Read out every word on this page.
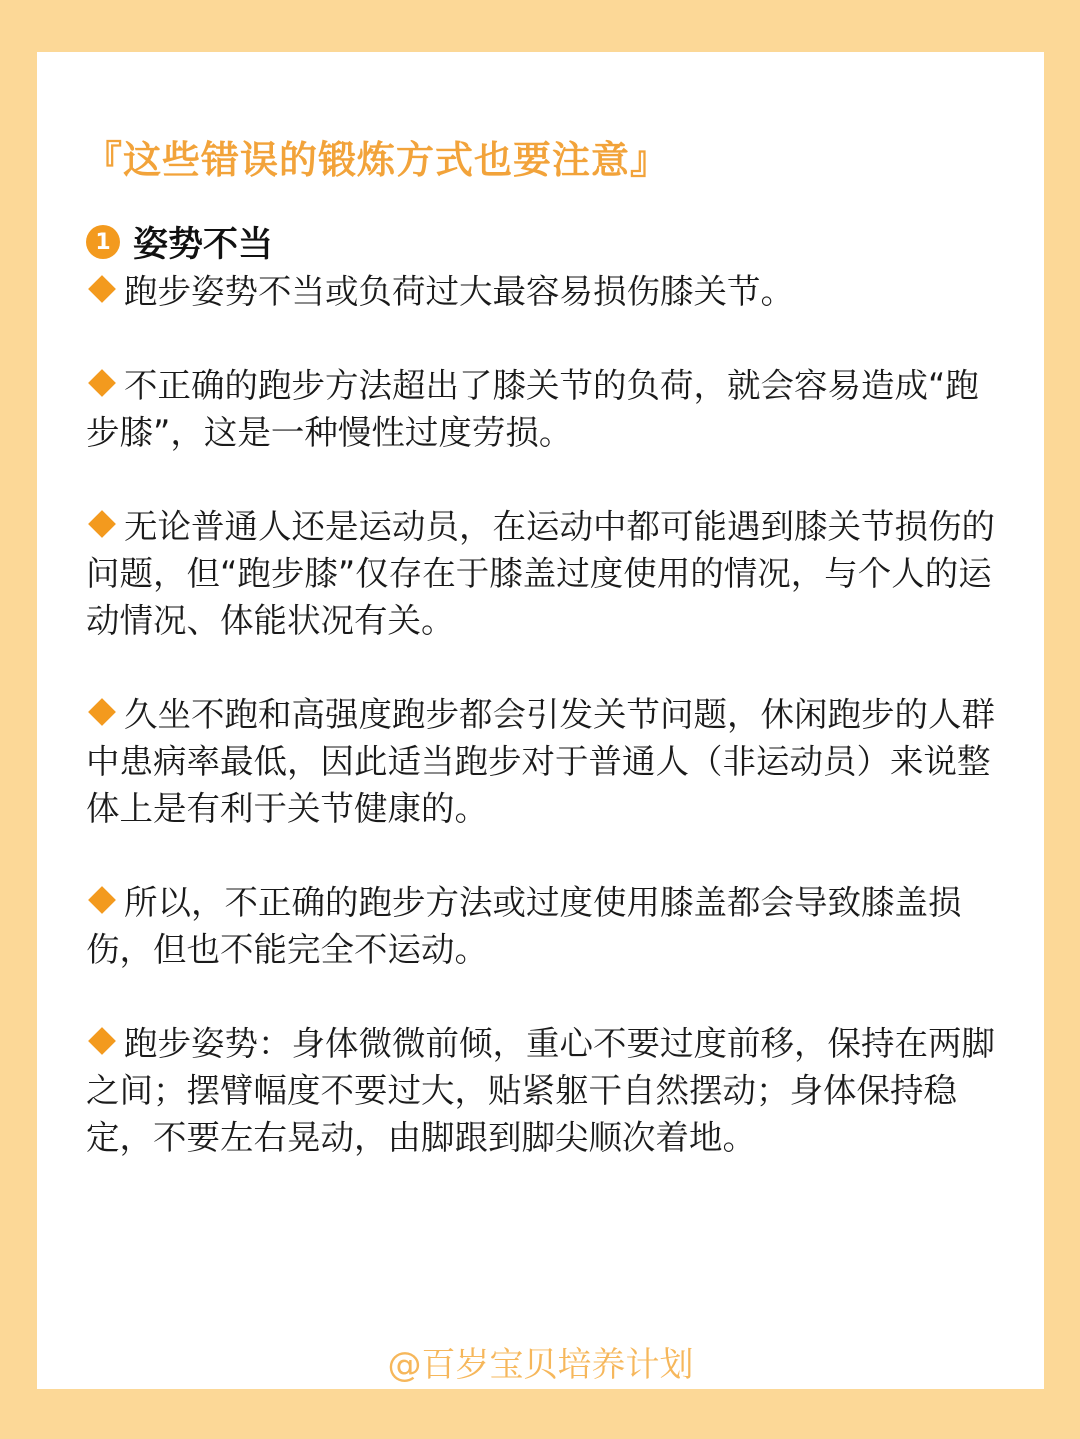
『这些错误的锻炼方式也要注意』
1 姿势不当

跑步姿势不当或负荷过大最容易损伤膝关节。

不正确的跑步方法超出了膝关节的负荷，就会容易造成“跑步膝”，这是一种慢性过度劳损。

无论普通人还是运动员，在运动中都可能遇到膝关节损伤的问题，但“跑步膝”仅存在于膝盖过度使用的情况，与个人的运动情况、体能状况有关。

久坐不跑和高强度跑步都会引发关节问题，休闲跑步的人群中患病率最低，因此适当跑步对于普通人（非运动员）来说整体上是有利于关节健康的。

所以，不正确的跑步方法或过度使用膝盖都会导致膝盖损伤，但也不能完全不运动。

跑步姿势：身体微微前倾，重心不要过度前移，保持在两脚之间；摆臂幅度不要过大，贴紧躯干自然摆动；身体保持稳定，不要左右晃动，由脚跟到脚尖顺次着地。

@百岁宝贝培养计划
